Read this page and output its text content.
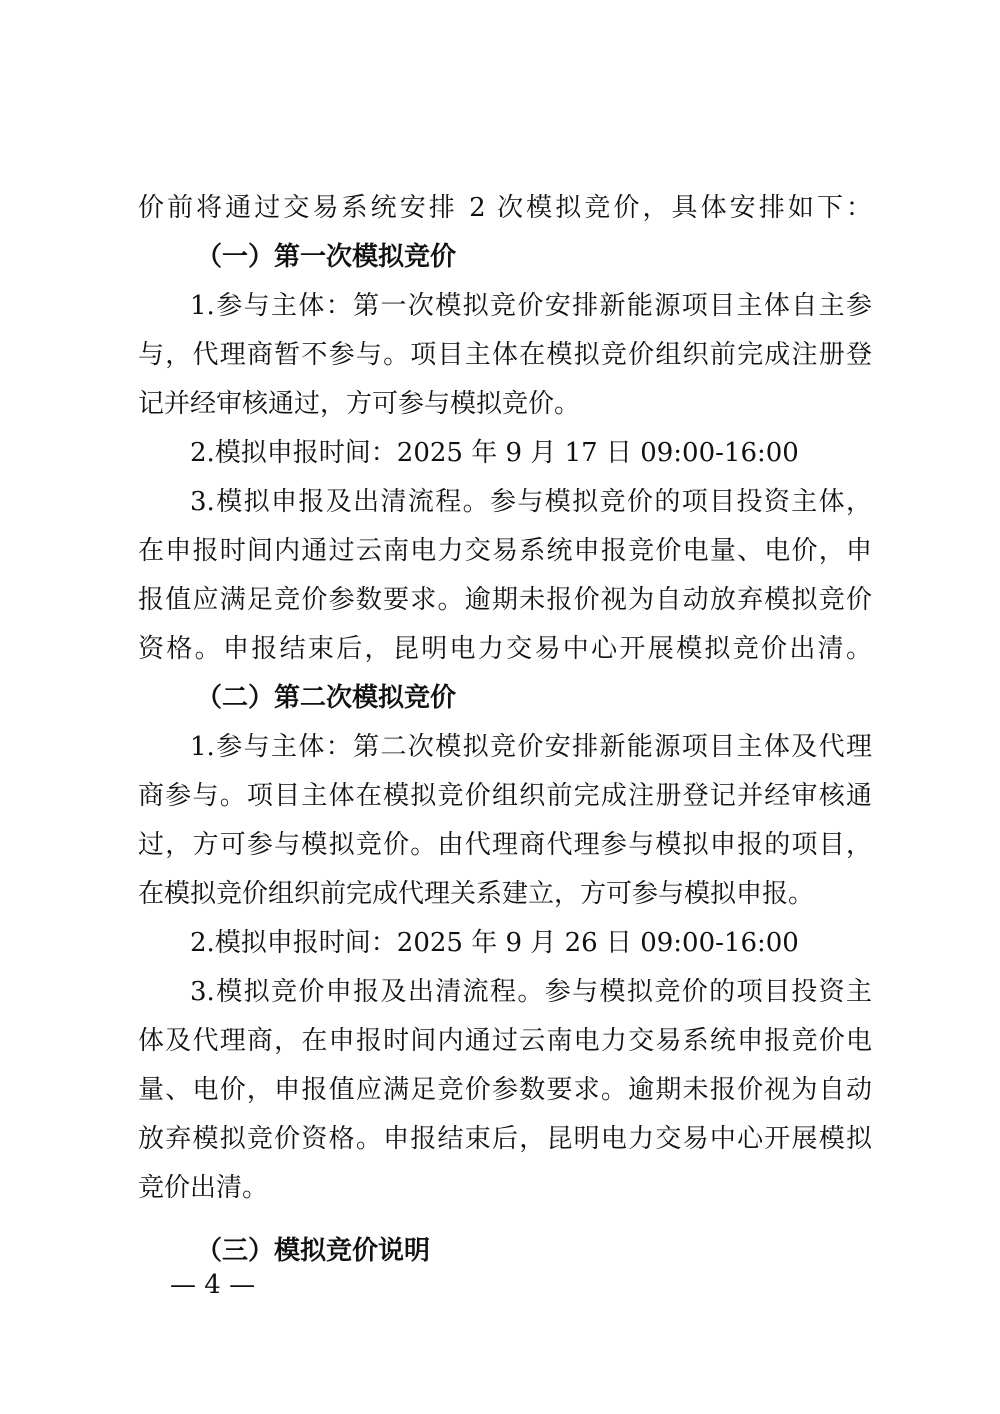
价前将通过交易系统安排 2 次模拟竞价，具体安排如下：
（一）第一次模拟竞价
1.参与主体：第一次模拟竞价安排新能源项目主体自主参
与，代理商暂不参与。项目主体在模拟竞价组织前完成注册登
记并经审核通过，方可参与模拟竞价。
2.模拟申报时间：2025 年 9 月 17 日 09:00-16:00
3.模拟申报及出清流程。参与模拟竞价的项目投资主体，
在申报时间内通过云南电力交易系统申报竞价电量、电价，申
报值应满足竞价参数要求。逾期未报价视为自动放弃模拟竞价
资格。申报结束后，昆明电力交易中心开展模拟竞价出清。
（二）第二次模拟竞价
1.参与主体：第二次模拟竞价安排新能源项目主体及代理
商参与。项目主体在模拟竞价组织前完成注册登记并经审核通
过，方可参与模拟竞价。由代理商代理参与模拟申报的项目，
在模拟竞价组织前完成代理关系建立，方可参与模拟申报。
2.模拟申报时间：2025 年 9 月 26 日 09:00-16:00
3.模拟竞价申报及出清流程。参与模拟竞价的项目投资主
体及代理商，在申报时间内通过云南电力交易系统申报竞价电
量、电价，申报值应满足竞价参数要求。逾期未报价视为自动
放弃模拟竞价资格。申报结束后，昆明电力交易中心开展模拟
竞价出清。
（三）模拟竞价说明
— 4 —
